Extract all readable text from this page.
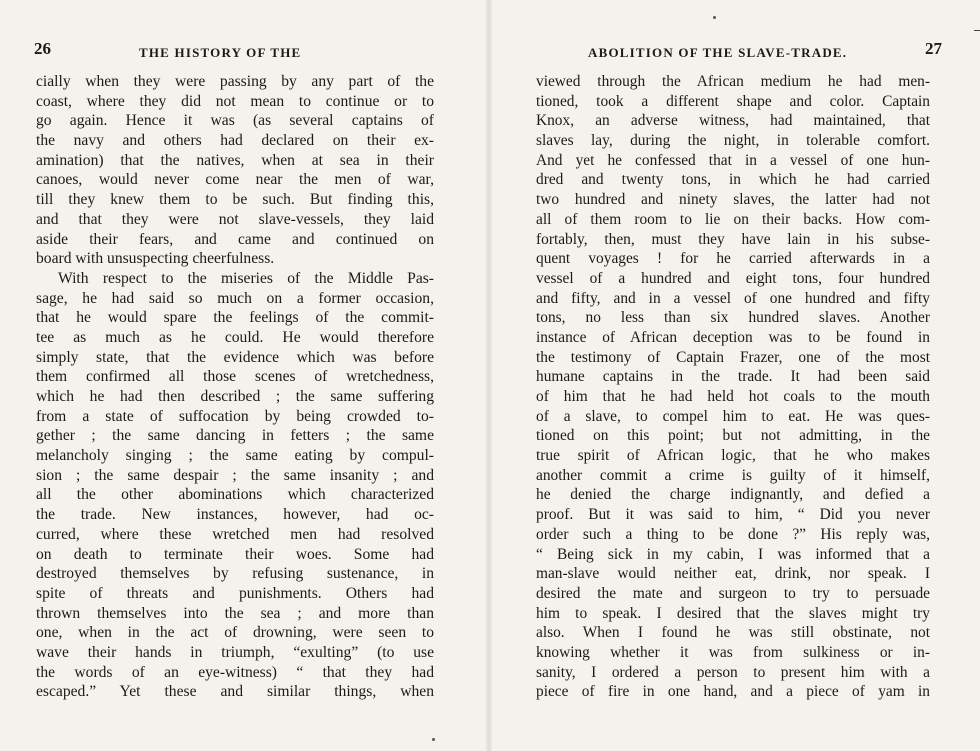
26	THE HISTORY OF THE
cially when they were passing by any part of the
coast, where they did not mean to continue or to
go again. Hence it was (as several captains of
the navy and others had declared on their ex-
amination) that the natives, when at sea in their
canoes, would never come near the men of war,
till they knew them to be such. But finding this,
and that they were not slave-vessels, they laid
aside their fears, and came and continued on
board with unsuspecting cheerfulness.
With respect to the miseries of the Middle Pas-
sage, he had said so much on a former occasion,
that he would spare the feelings of the commit-
tee as much as he could. He would therefore
simply state, that the evidence which was before
them confirmed all those scenes of wretchedness,
which he had then described ; the same suffering
from a state of suffocation by being crowded to-
gether ; the same dancing in fetters ; the same
melancholy singing ; the same eating by compul-
sion ; the same despair ; the same insanity ; and
all the other abominations which characterized
the trade. New instances, however, had oc-
curred, where these wretched men had resolved
on death to terminate their woes. Some had
destroyed themselves by refusing sustenance, in
spite of threats and punishments. Others had
thrown themselves into the sea ; and more than
one, when in the act of drowning, were seen to
wave their hands in triumph, “exulting” (to use
the words of an eye-witness) “ that they had
escaped.” Yet these and similar things, when
ABOLITION OF THE SLAVE-TRADE.	27
viewed through the African medium he had men-
tioned, took a different shape and color. Captain
Knox, an adverse witness, had maintained, that
slaves lay, during the night, in tolerable comfort.
And yet he confessed that in a vessel of one hun-
dred and twenty tons, in which he had carried
two hundred and ninety slaves, the latter had not
all of them room to lie on their backs. How com-
fortably, then, must they have lain in his subse-
quent voyages ! for he carried afterwards in a
vessel of a hundred and eight tons, four hundred
and fifty, and in a vessel of one hundred and fifty
tons, no less than six hundred slaves. Another
instance of African deception was to be found in
the testimony of Captain Frazer, one of the most
humane captains in the trade. It had been said
of him that he had held hot coals to the mouth
of a slave, to compel him to eat. He was ques-
tioned on this point; but not admitting, in the
true spirit of African logic, that he who makes
another commit a crime is guilty of it himself,
he denied the charge indignantly, and defied a
proof. But it was said to him, “ Did you never
order such a thing to be done ?” His reply was,
“ Being sick in my cabin, I was informed that a
man-slave would neither eat, drink, nor speak. I
desired the mate and surgeon to try to persuade
him to speak. I desired that the slaves might try
also. When I found he was still obstinate, not
knowing whether it was from sulkiness or in-
sanity, I ordered a person to present him with a
piece of fire in one hand, and a piece of yam in
